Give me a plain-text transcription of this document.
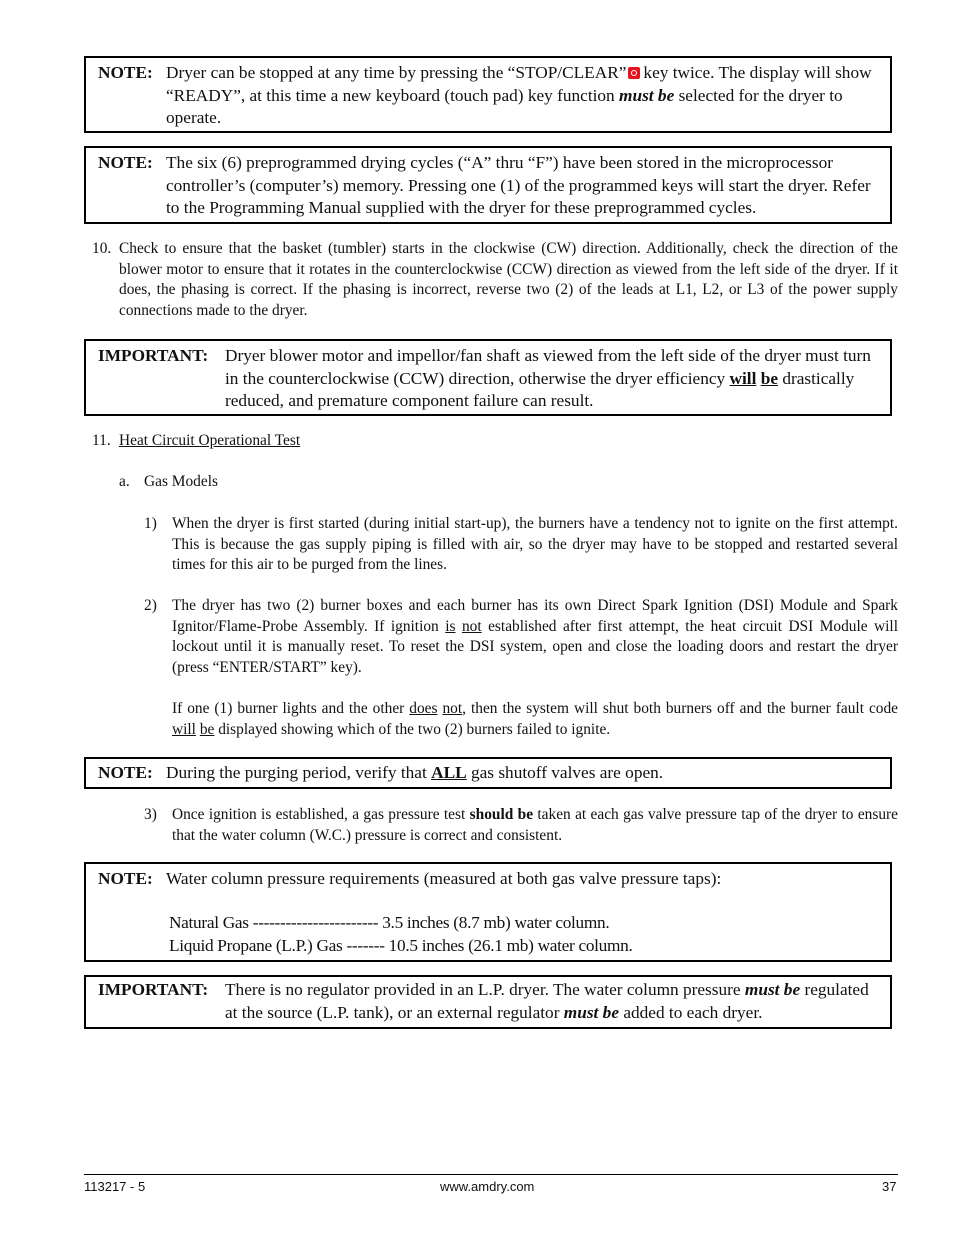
NOTE: Dryer can be stopped at any time by pressing the “STOP/CLEAR” key twice. The display will show “READY”, at this time a new keyboard (touch pad) key function must be selected for the dryer to operate.
NOTE: The six (6) preprogrammed drying cycles (“A” thru “F”) have been stored in the microprocessor controller’s (computer’s) memory. Pressing one (1) of the programmed keys will start the dryer. Refer to the Programming Manual supplied with the dryer for these preprogrammed cycles.
10. Check to ensure that the basket (tumbler) starts in the clockwise (CW) direction. Additionally, check the direction of the blower motor to ensure that it rotates in the counterclockwise (CCW) direction as viewed from the left side of the dryer. If it does, the phasing is correct. If the phasing is incorrect, reverse two (2) of the leads at L1, L2, or L3 of the power supply connections made to the dryer.
IMPORTANT: Dryer blower motor and impellor/fan shaft as viewed from the left side of the dryer must turn in the counterclockwise (CCW) direction, otherwise the dryer efficiency will be drastically reduced, and premature component failure can result.
11. Heat Circuit Operational Test
a. Gas Models
1) When the dryer is first started (during initial start-up), the burners have a tendency not to ignite on the first attempt. This is because the gas supply piping is filled with air, so the dryer may have to be stopped and restarted several times for this air to be purged from the lines.
2) The dryer has two (2) burner boxes and each burner has its own Direct Spark Ignition (DSI) Module and Spark Ignitor/Flame-Probe Assembly. If ignition is not established after first attempt, the heat circuit DSI Module will lockout until it is manually reset. To reset the DSI system, open and close the loading doors and restart the dryer (press “ENTER/START” key).
If one (1) burner lights and the other does not, then the system will shut both burners off and the burner fault code will be displayed showing which of the two (2) burners failed to ignite.
NOTE: During the purging period, verify that ALL gas shutoff valves are open.
3) Once ignition is established, a gas pressure test should be taken at each gas valve pressure tap of the dryer to ensure that the water column (W.C.) pressure is correct and consistent.
NOTE: Water column pressure requirements (measured at both gas valve pressure taps):
Natural Gas ----------------------- 3.5 inches (8.7 mb) water column.
Liquid Propane (L.P.) Gas ------- 10.5 inches (26.1 mb) water column.
IMPORTANT: There is no regulator provided in an L.P. dryer. The water column pressure must be regulated at the source (L.P. tank), or an external regulator must be added to each dryer.
113217 - 5	www.amdry.com	37
